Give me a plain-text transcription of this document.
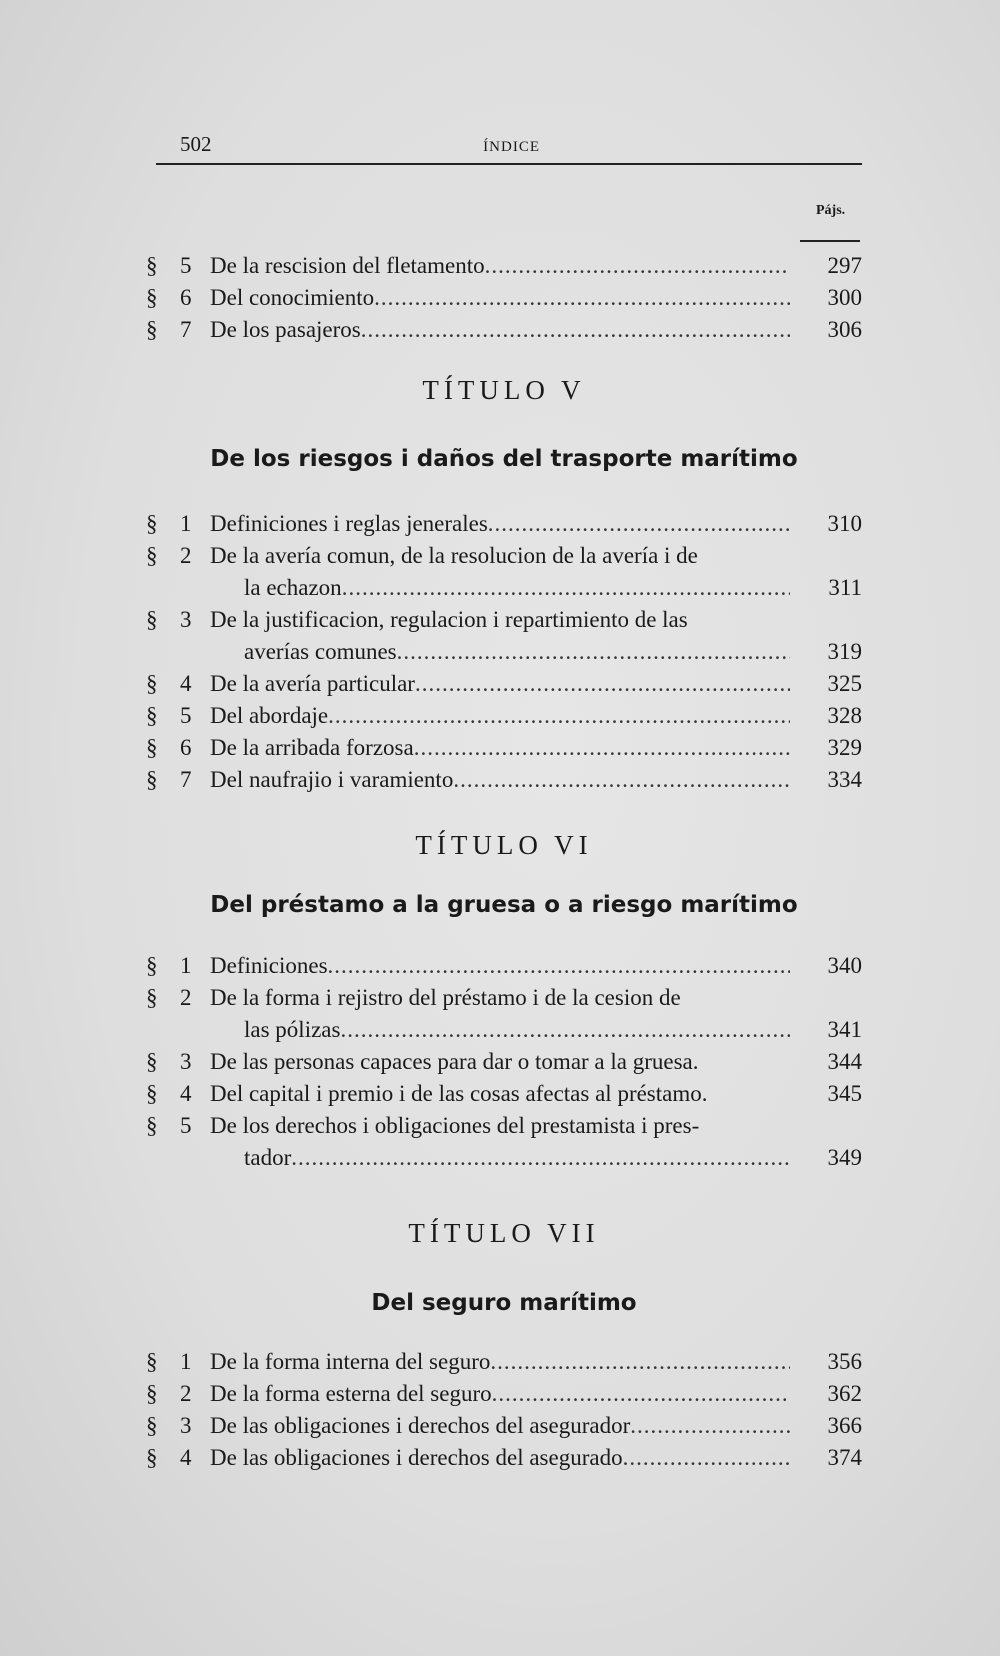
502	ÍNDICE
Pájs.
§ 5 De la rescision del fletamento .....	297
§ 6 Del conocimiento .....	300
§ 7 De los pasajeros .....	306
TÍTULO V
De los riesgos i daños del trasporte marítimo
§ 1 Definiciones i reglas jenerales .....	310
§ 2 De la avería comun, de la resolucion de la avería i de
la echazon .....	311
§ 3 De la justificacion, regulacion i repartimiento de las
averías comunes .....	319
§ 4 De la avería particular .....	325
§ 5 Del abordaje .....	328
§ 6 De la arribada forzosa .....	329
§ 7 Del naufrajio i varamiento .....	334
TÍTULO VI
Del préstamo a la gruesa o a riesgo marítimo
§ 1 Definiciones .....	340
§ 2 De la forma i rejistro del préstamo i de la cesion de
las pólizas .....	341
§ 3 De las personas capaces para dar o tomar a la gruesa.	344
§ 4 Del capital i premio i de las cosas afectas al préstamo.	345
§ 5 De los derechos i obligaciones del prestamista i pres-
tador .....	349
TÍTULO VII
Del seguro marítimo
§ 1 De la forma interna del seguro .....	356
§ 2 De la forma esterna del seguro .....	362
§ 3 De las obligaciones i derechos del asegurador .....	366
§ 4 De las obligaciones i derechos del asegurado .....	374
